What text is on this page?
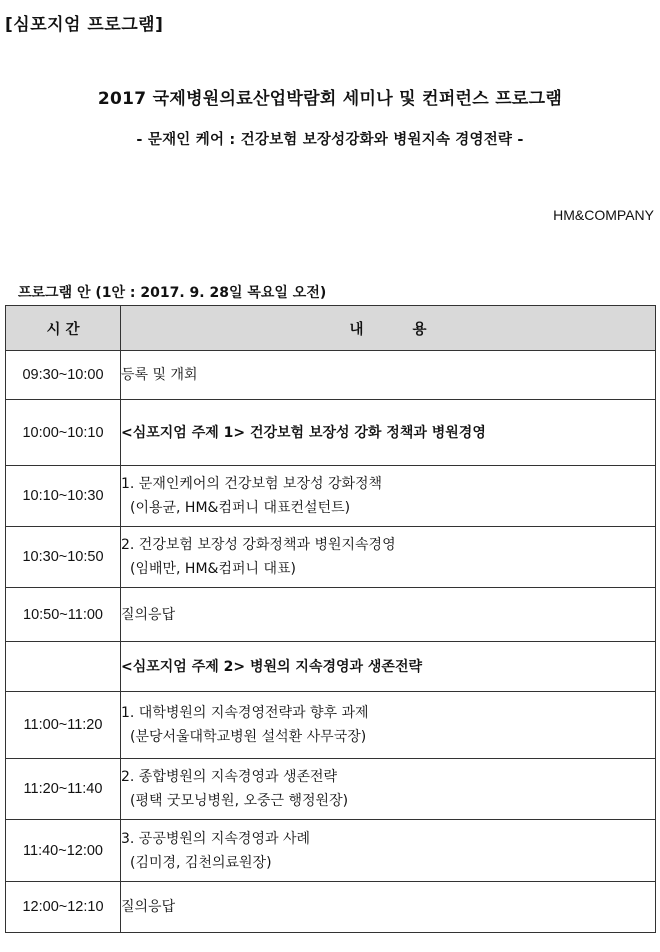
[심포지엄 프로그램]
2017 국제병원의료산업박람회 세미나 및 컨퍼런스 프로그램
- 문재인 케어 : 건강보험 보장성강화와 병원지속 경영전략 -
HM&COMPANY
프로그램 안 (1안 : 2017. 9. 28일 목요일 오전)
시 간	내 용
09:30~10:00	등록 및 개회

10:00~10:10	<심포지엄 주제 1> 건강보험 보장성 강화 정책과 병원경영

10:10~10:30	1. 문재인케어의 건강보험 보장성 강화정책
(이용균, HM&컴퍼니 대표컨설턴트)

10:30~10:50	2. 건강보험 보장성 강화정책과 병원지속경영
(임배만, HM&컴퍼니 대표)

10:50~11:00	질의응답

	<심포지엄 주제 2> 병원의 지속경영과 생존전략

11:00~11:20	1. 대학병원의 지속경영전략과 향후 과제
(분당서울대학교병원 설석환 사무국장)

11:20~11:40	2. 종합병원의 지속경영과 생존전략
(평택 굿모닝병원, 오중근 행정원장)

11:40~12:00	3. 공공병원의 지속경영과 사례
(김미경, 김천의료원장)

12:00~12:10	질의응답
